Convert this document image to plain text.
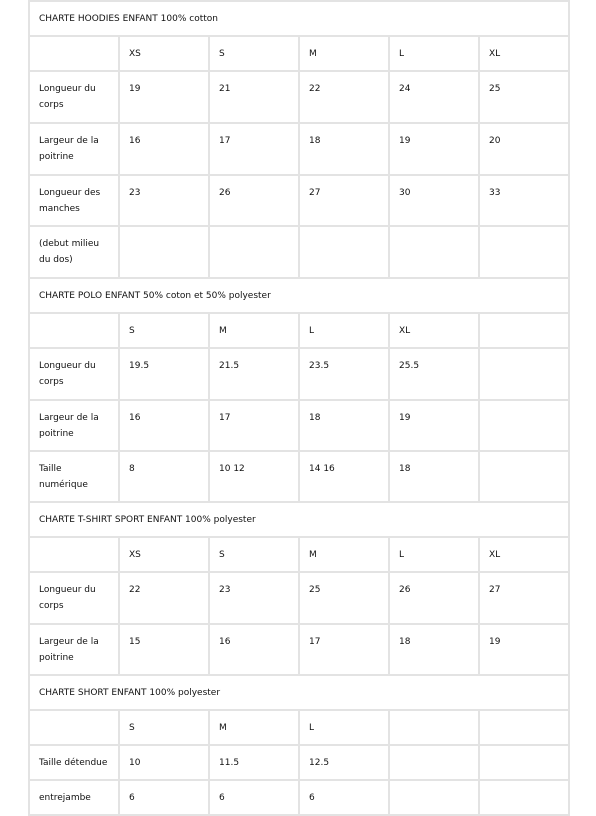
CHARTE HOODIES ENFANT 100% cotton					
	XS	S	M	L	XL
Longueur du corps	19	21	22	24	25
Largeur de la poitrine	16	17	18	19	20
Longueur des manches	23	26	27	30	33
(debut milieu du dos)					
CHARTE POLO ENFANT 50% coton et 50% polyester					
	S	M	L	XL	
Longueur du corps	19.5	21.5	23.5	25.5	
Largeur de la poitrine	16	17	18	19	
Taille numérique	8	10 12	14 16	18	
CHARTE T-SHIRT SPORT ENFANT 100% polyester					
	XS	S	M	L	XL
Longueur du corps	22	23	25	26	27
Largeur de la poitrine	15	16	17	18	19
CHARTE SHORT ENFANT 100% polyester					
	S	M	L		
Taille détendue	10	11.5	12.5		
entrejambe	6	6	6		
